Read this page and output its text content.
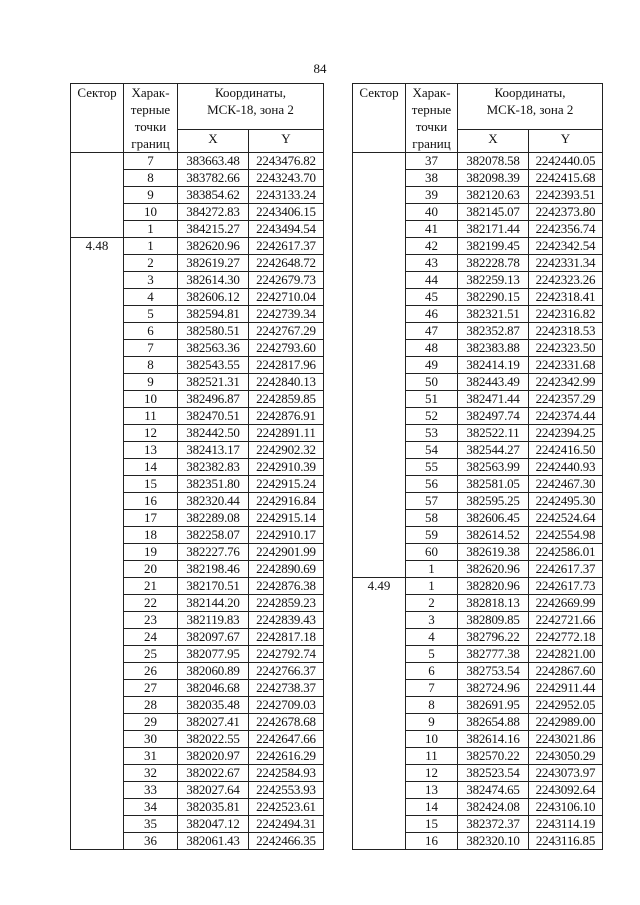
84
Сектор	Харак-
терные
точки
границ	Координаты,
МСК-18, зона 2	
		X	Y
	7	383663.48	2243476.82
	8	383782.66	2243243.70
	9	383854.62	2243133.24
	10	384272.83	2243406.15
	1	384215.27	2243494.54
4.48	1	382620.96	2242617.37
	2	382619.27	2242648.72
	3	382614.30	2242679.73
	4	382606.12	2242710.04
	5	382594.81	2242739.34
	6	382580.51	2242767.29
	7	382563.36	2242793.60
	8	382543.55	2242817.96
	9	382521.31	2242840.13
	10	382496.87	2242859.85
	11	382470.51	2242876.91
	12	382442.50	2242891.11
	13	382413.17	2242902.32
	14	382382.83	2242910.39
	15	382351.80	2242915.24
	16	382320.44	2242916.84
	17	382289.08	2242915.14
	18	382258.07	2242910.17
	19	382227.76	2242901.99
	20	382198.46	2242890.69
	21	382170.51	2242876.38
	22	382144.20	2242859.23
	23	382119.83	2242839.43
	24	382097.67	2242817.18
	25	382077.95	2242792.74
	26	382060.89	2242766.37
	27	382046.68	2242738.37
	28	382035.48	2242709.03
	29	382027.41	2242678.68
	30	382022.55	2242647.66
	31	382020.97	2242616.29
	32	382022.67	2242584.93
	33	382027.64	2242553.93
	34	382035.81	2242523.61
	35	382047.12	2242494.31
	36	382061.43	2242466.35
Сектор	Харак-
терные
точки
границ	Координаты,
МСК-18, зона 2	
		X	Y
	37	382078.58	2242440.05
	38	382098.39	2242415.68
	39	382120.63	2242393.51
	40	382145.07	2242373.80
	41	382171.44	2242356.74
	42	382199.45	2242342.54
	43	382228.78	2242331.34
	44	382259.13	2242323.26
	45	382290.15	2242318.41
	46	382321.51	2242316.82
	47	382352.87	2242318.53
	48	382383.88	2242323.50
	49	382414.19	2242331.68
	50	382443.49	2242342.99
	51	382471.44	2242357.29
	52	382497.74	2242374.44
	53	382522.11	2242394.25
	54	382544.27	2242416.50
	55	382563.99	2242440.93
	56	382581.05	2242467.30
	57	382595.25	2242495.30
	58	382606.45	2242524.64
	59	382614.52	2242554.98
	60	382619.38	2242586.01
	1	382620.96	2242617.37
4.49	1	382820.96	2242617.73
	2	382818.13	2242669.99
	3	382809.85	2242721.66
	4	382796.22	2242772.18
	5	382777.38	2242821.00
	6	382753.54	2242867.60
	7	382724.96	2242911.44
	8	382691.95	2242952.05
	9	382654.88	2242989.00
	10	382614.16	2243021.86
	11	382570.22	2243050.29
	12	382523.54	2243073.97
	13	382474.65	2243092.64
	14	382424.08	2243106.10
	15	382372.37	2243114.19
	16	382320.10	2243116.85
